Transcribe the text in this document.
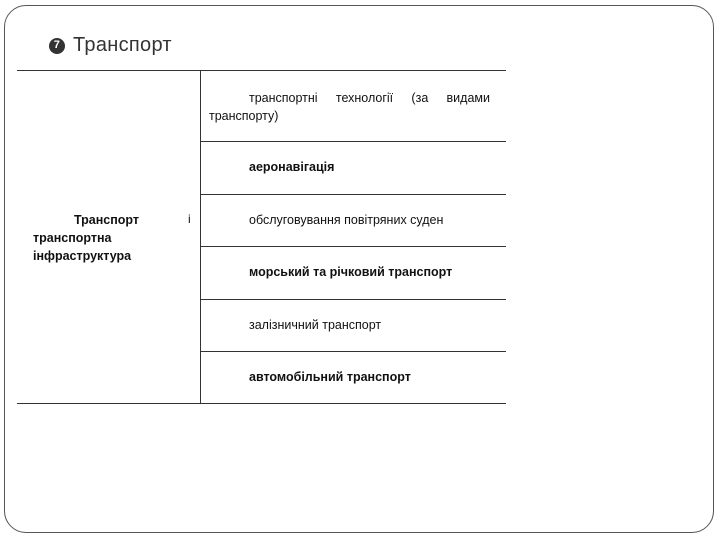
7 Транспорт
Транспорт
транспортна
інфраструктура
і
транспортні технології (за видами
транспорту)
аеронавігація
обслуговування повітряних суден
морський та річковий транспорт
залізничний транспорт
автомобільний транспорт
